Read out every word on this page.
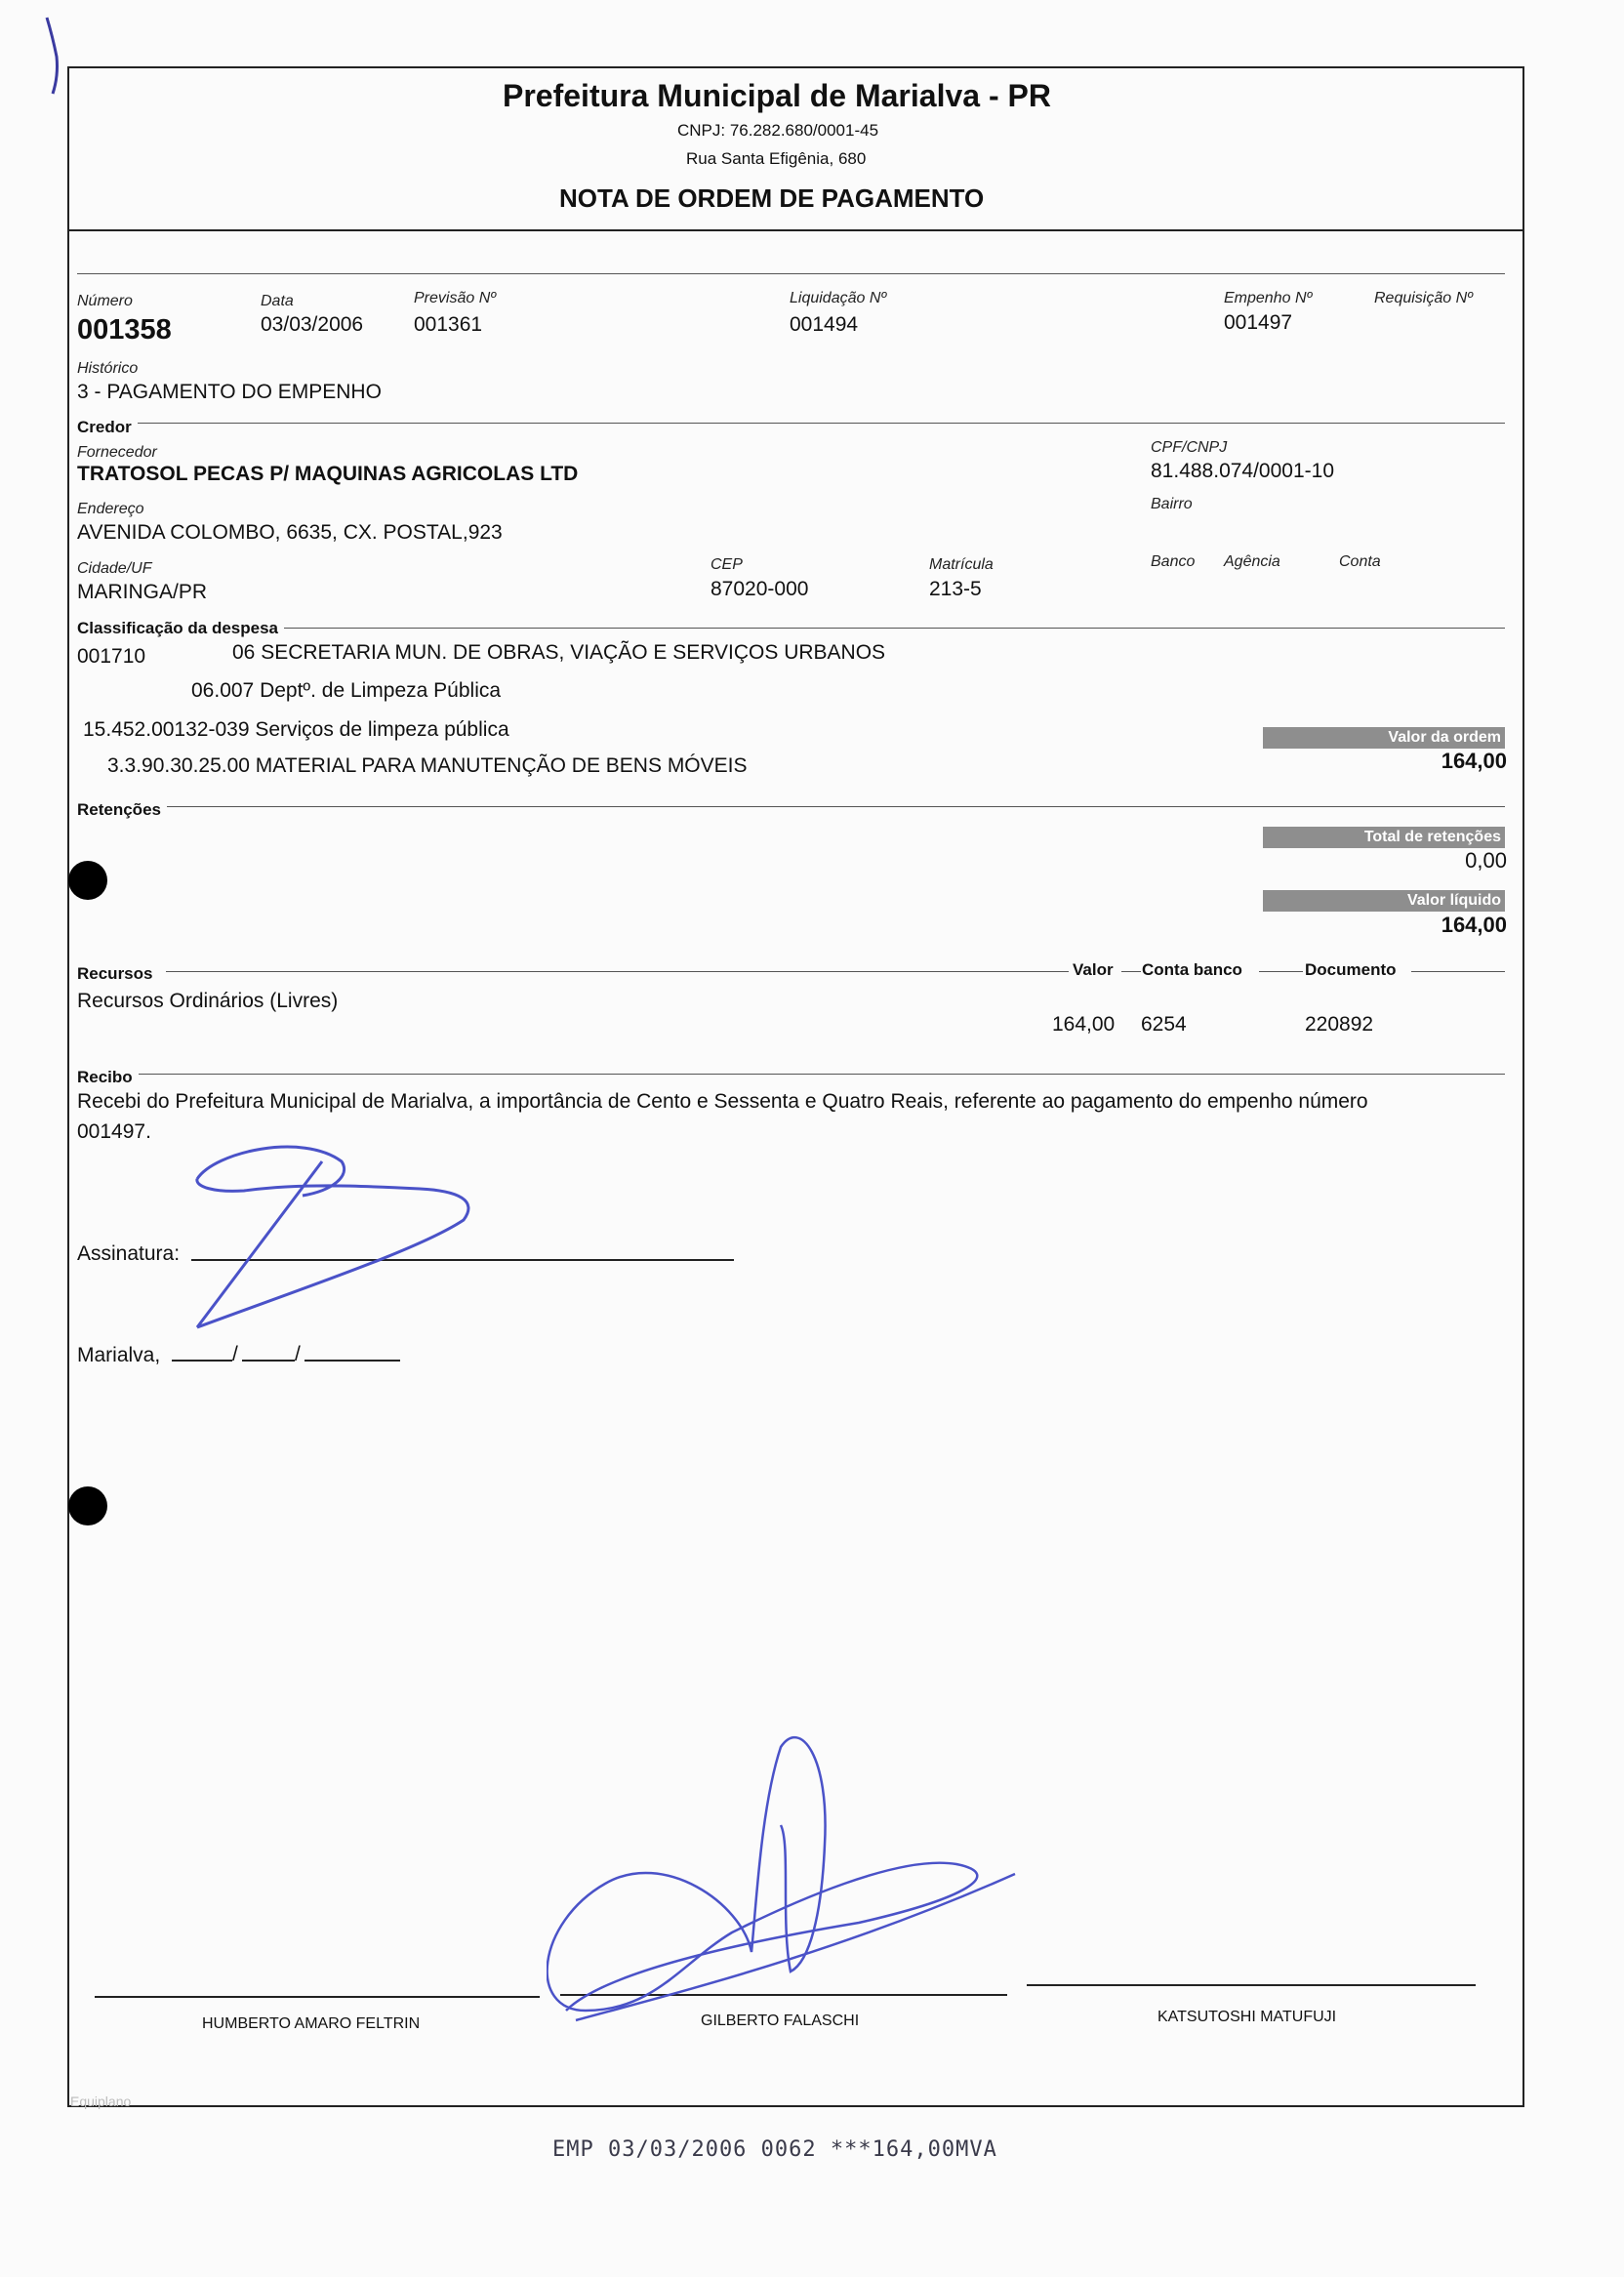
Prefeitura Municipal de Marialva - PR
CNPJ: 76.282.680/0001-45
Rua Santa Efigênia, 680
NOTA DE ORDEM DE PAGAMENTO
Número
001358
Data
03/03/2006
Previsão Nº
001361
Liquidação Nº
001494
Empenho Nº
001497
Requisição Nº
Histórico
3 - PAGAMENTO DO EMPENHO
Credor
Fornecedor
TRATOSOL PECAS P/ MAQUINAS AGRICOLAS LTD
CPF/CNPJ
81.488.074/0001-10
Endereço
AVENIDA COLOMBO, 6635, CX. POSTAL,923
Bairro
Cidade/UF
MARINGA/PR
CEP
87020-000
Matrícula
213-5
Banco Agência	Conta
Classificação da despesa
001710	06 SECRETARIA MUN. DE OBRAS, VIAÇÃO E SERVIÇOS URBANOS
06.007 Deptº. de Limpeza Pública
15.452.00132-039 Serviços de limpeza pública
3.3.90.30.25.00 MATERIAL PARA MANUTENÇÃO DE BENS MÓVEIS
Valor da ordem
164,00
Retenções
Total de retenções
0,00
Valor líquido
164,00
Recursos	Valor	Conta banco	Documento
Recursos Ordinários (Livres)
164,00 6254	220892
Recibo
Recebi do Prefeitura Municipal de Marialva, a importância de Cento e Sessenta e Quatro Reais, referente ao pagamento do empenho número
001497.
Assinatura:
Marialva,	/	/
HUMBERTO AMARO FELTRIN	GILBERTO FALASCHI	KATSUTOSHI MATUFUJI
Equiplano
EMP 03/03/2006 0062 ***164,00MVA
